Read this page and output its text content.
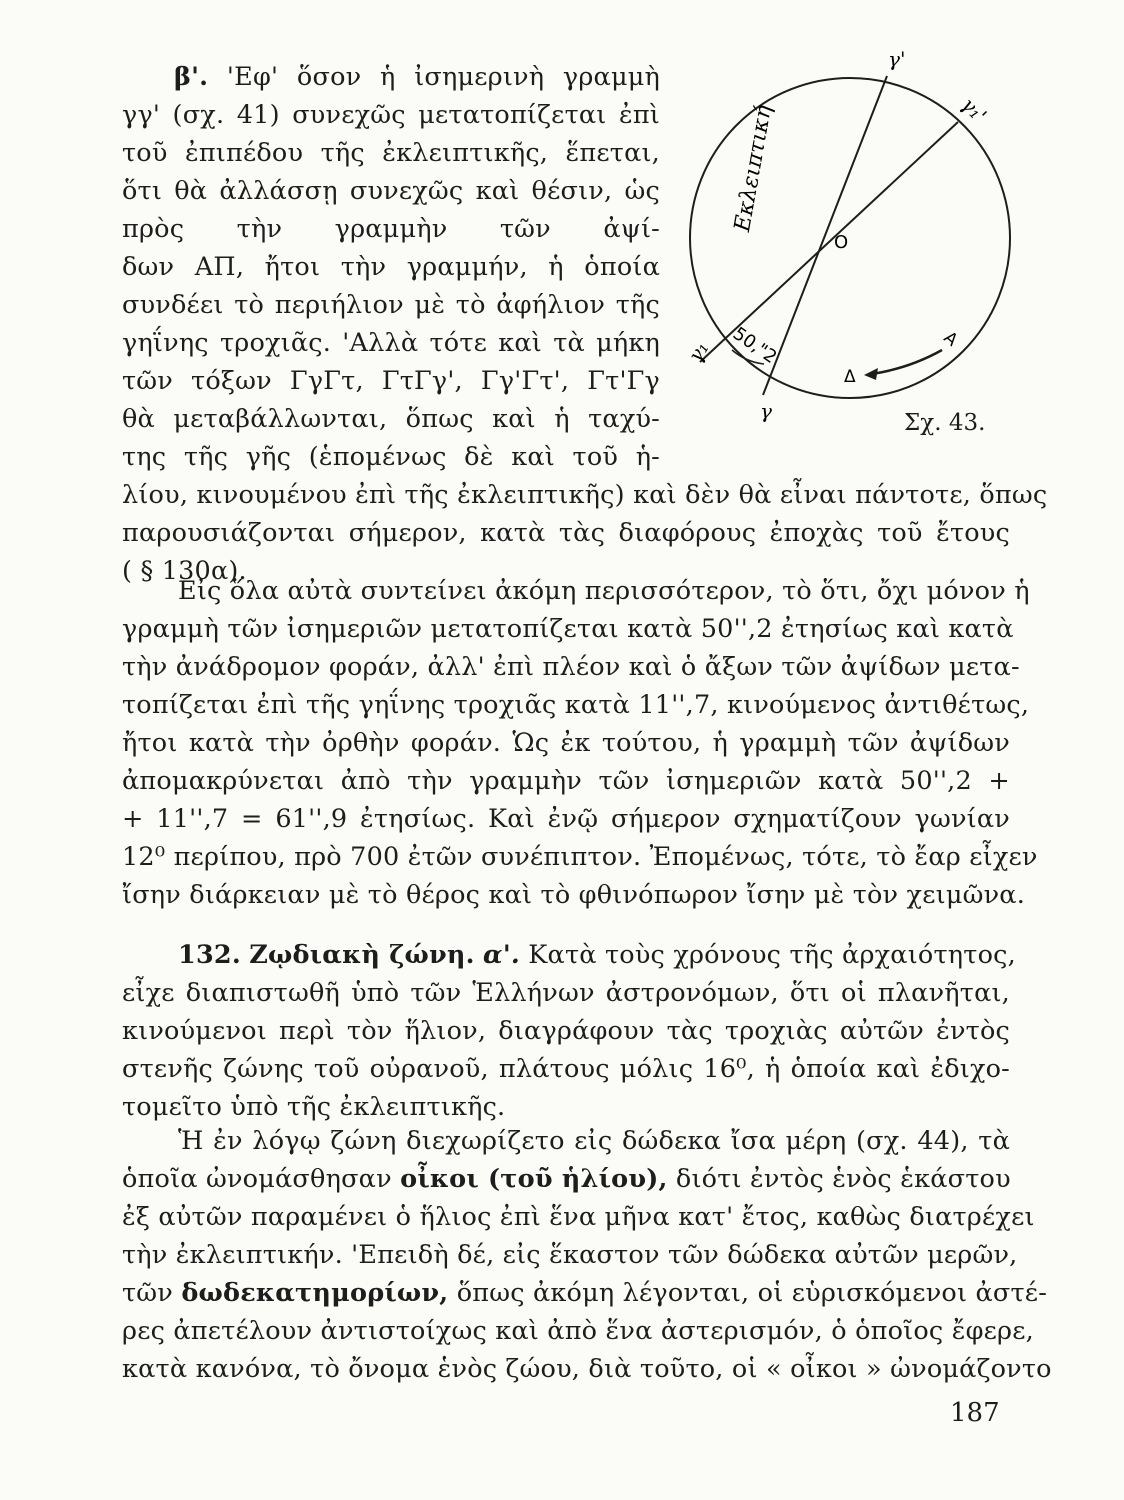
β'. 'Εφ' ὅσον ἡ ἰσημερινὴ γραμμὴ
γγ' (σχ. 41) συνεχῶς μετατοπίζεται ἐπὶ
τοῦ ἐπιπέδου τῆς ἐκλειπτικῆς, ἕπεται,
ὅτι θὰ ἀλλάσσῃ συνεχῶς καὶ θέσιν, ὡς
πρὸς τὴν γραμμὴν τῶν ἀψί-
δων ΑΠ, ἤτοι τὴν γραμμήν, ἡ ὁποία
συνδέει τὸ περιήλιον μὲ τὸ ἀφήλιον τῆς
γηΐνης τροχιᾶς. 'Αλλὰ τότε καὶ τὰ μήκη
τῶν τόξων ΓγΓτ, ΓτΓγ', Γγ'Γτ', Γτ'Γγ
θὰ μεταβάλλωνται, ὅπως καὶ ἡ ταχύ-
της τῆς γῆς (ἑπομένως δὲ καὶ τοῦ ἡ-
λίου, κινουμένου ἐπὶ τῆς ἐκλειπτικῆς) καὶ δὲν θὰ εἶναι πάντοτε, ὅπως
παρουσιάζονται σήμερον, κατὰ τὰς διαφόρους ἐποχὰς τοῦ ἔτους
( § 130α).
γ'
γ₁'
γ
γ₁
O
A
Δ
Εκλειπτική
50,"2
Σχ. 43.
Εἰς ὅλα αὐτὰ συντείνει ἀκόμη περισσότερον, τὸ ὅτι, ὄχι μόνον ἡ
γραμμὴ τῶν ἰσημεριῶν μετατοπίζεται κατὰ 50'',2 ἐτησίως καὶ κατὰ
τὴν ἀνάδρομον φοράν, ἀλλ' ἐπὶ πλέον καὶ ὁ ἄξων τῶν ἀψίδων μετα-
τοπίζεται ἐπὶ τῆς γηΐνης τροχιᾶς κατὰ 11'',7, κινούμενος ἀντιθέτως,
ἤτοι κατὰ τὴν ὀρθὴν φοράν. Ὡς ἐκ τούτου, ἡ γραμμὴ τῶν ἀψίδων
ἀπομακρύνεται ἀπὸ τὴν γραμμὴν τῶν ἰσημεριῶν κατὰ 50'',2 +
+ 11'',7 = 61'',9 ἐτησίως. Καὶ ἐνῷ σήμερον σχηματίζουν γωνίαν
12⁰ περίπου, πρὸ 700 ἐτῶν συνέπιπτον. Ἐπομένως, τότε, τὸ ἔαρ εἶχεν
ἴσην διάρκειαν μὲ τὸ θέρος καὶ τὸ φθινόπωρον ἴσην μὲ τὸν χειμῶνα.
132. Ζῳδιακὴ ζώνη. α'. Κατὰ τοὺς χρόνους τῆς ἀρχαιότητος,
εἶχε διαπιστωθῆ ὑπὸ τῶν Ἑλλήνων ἀστρονόμων, ὅτι οἱ πλανῆται,
κινούμενοι περὶ τὸν ἥλιον, διαγράφουν τὰς τροχιὰς αὐτῶν ἐντὸς
στενῆς ζώνης τοῦ οὐρανοῦ, πλάτους μόλις 16⁰, ἡ ὁποία καὶ ἐδιχο-
τομεῖτο ὑπὸ τῆς ἐκλειπτικῆς.
Ἡ ἐν λόγῳ ζώνη διεχωρίζετο εἰς δώδεκα ἴσα μέρη (σχ. 44), τὰ
ὁποῖα ὠνομάσθησαν οἶκοι (τοῦ ἡλίου), διότι ἐντὸς ἑνὸς ἑκάστου
ἐξ αὐτῶν παραμένει ὁ ἥλιος ἐπὶ ἕνα μῆνα κατ' ἔτος, καθὼς διατρέχει
τὴν ἐκλειπτικήν. 'Επειδὴ δέ, εἰς ἕκαστον τῶν δώδεκα αὐτῶν μερῶν,
τῶν δωδεκατημορίων, ὅπως ἀκόμη λέγονται, οἱ εὑρισκόμενοι ἀστέ-
ρες ἀπετέλουν ἀντιστοίχως καὶ ἀπὸ ἕνα ἀστερισμόν, ὁ ὁποῖος ἔφερε,
κατὰ κανόνα, τὸ ὄνομα ἑνὸς ζώου, διὰ τοῦτο, οἱ « οἶκοι » ὠνομάζοντο
187
